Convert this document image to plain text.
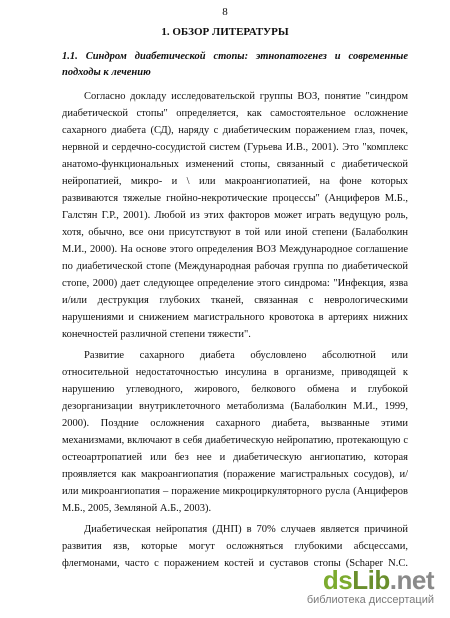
8
1. ОБЗОР ЛИТЕРАТУРЫ
1.1. Синдром диабетической стопы: этнопатогенез и современные подходы к лечению

Согласно докладу исследовательской группы ВОЗ, понятие "синдром диабетической стопы" определяется, как самостоятельное осложнение сахарного диабета (СД), наряду с диабетическим поражением глаз, почек, нервной и сердечно-сосудистой систем (Гурьева И.В., 2001). Это "комплекс анатомо-функциональных изменений стопы, связанный с диабетической нейропатией, микро- и \ или макроангиопатией, на фоне которых развиваются тяжелые гнойно-некротические процессы" (Анциферов М.Б., Галстян Г.Р., 2001). Любой из этих факторов может играть ведущую роль, хотя, обычно, все они присутствуют в той или иной степени (Балаболкин М.И., 2000). На основе этого определения ВОЗ Международное соглашение по диабетической стопе (Международная рабочая группа по диабетической стопе, 2000) дает следующее определение этого синдрома: "Инфекция, язва и/или деструкция глубоких тканей, связанная с неврологическими нарушениями и снижением магистрального кровотока в артериях нижних конечностей различной степени тяжести".

Развитие сахарного диабета обусловлено абсолютной или относительной недостаточностью инсулина в организме, приводящей к нарушению углеводного, жирового, белкового обмена и глубокой дезорганизации внутриклеточного метаболизма (Балаболкин М.И., 1999, 2000). Поздние осложнения сахарного диабета, вызванные этими механизмами, включают в себя диабетическую нейропатию, протекающую с остеоартропатией или без нее и диабетическую ангиопатию, которая проявляется как макроангиопатия (поражение магистральных сосудов), и/или микроангиопатия – поражение микроциркуляторного русла (Анциферов М.Б., 2005, Земляной А.Б., 2003).

Диабетическая нейропатия (ДНП) в 70% случаев является причиной развития язв, которые могут осложняться глубокими абсцессами, флегмонами, часто с поражением костей и суставов стопы (Schaper N.C.

dsLib.net
библиотека диссертаций
